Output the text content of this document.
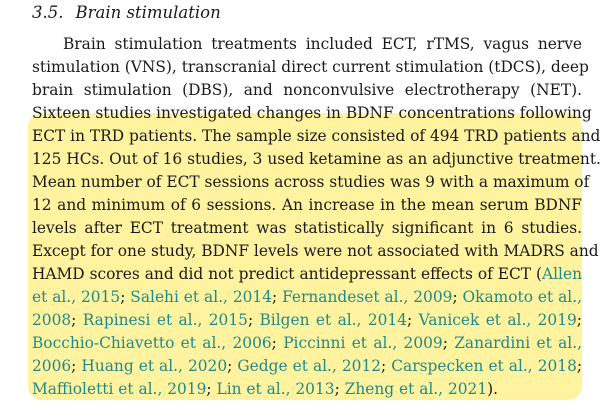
3.5. Brain stimulation
Brain stimulation treatments included ECT, rTMS, vagus nerve
stimulation (VNS), transcranial direct current stimulation (tDCS), deep
brain stimulation (DBS), and nonconvulsive electrotherapy (NET).
Sixteen studies investigated changes in BDNF concentrations following
ECT in TRD patients. The sample size consisted of 494 TRD patients and
125 HCs. Out of 16 studies, 3 used ketamine as an adjunctive treatment.
Mean number of ECT sessions across studies was 9 with a maximum of
12 and minimum of 6 sessions. An increase in the mean serum BDNF
levels after ECT treatment was statistically significant in 6 studies.
Except for one study, BDNF levels were not associated with MADRS and
HAMD scores and did not predict antidepressant effects of ECT (Allen
et al., 2015; Salehi et al., 2014; Fernandeset al., 2009; Okamoto et al.,
2008; Rapinesi et al., 2015; Bilgen et al., 2014; Vanicek et al., 2019;
Bocchio-Chiavetto et al., 2006; Piccinni et al., 2009; Zanardini et al.,
2006; Huang et al., 2020; Gedge et al., 2012; Carspecken et al., 2018;
Maffioletti et al., 2019; Lin et al., 2013; Zheng et al., 2021).
